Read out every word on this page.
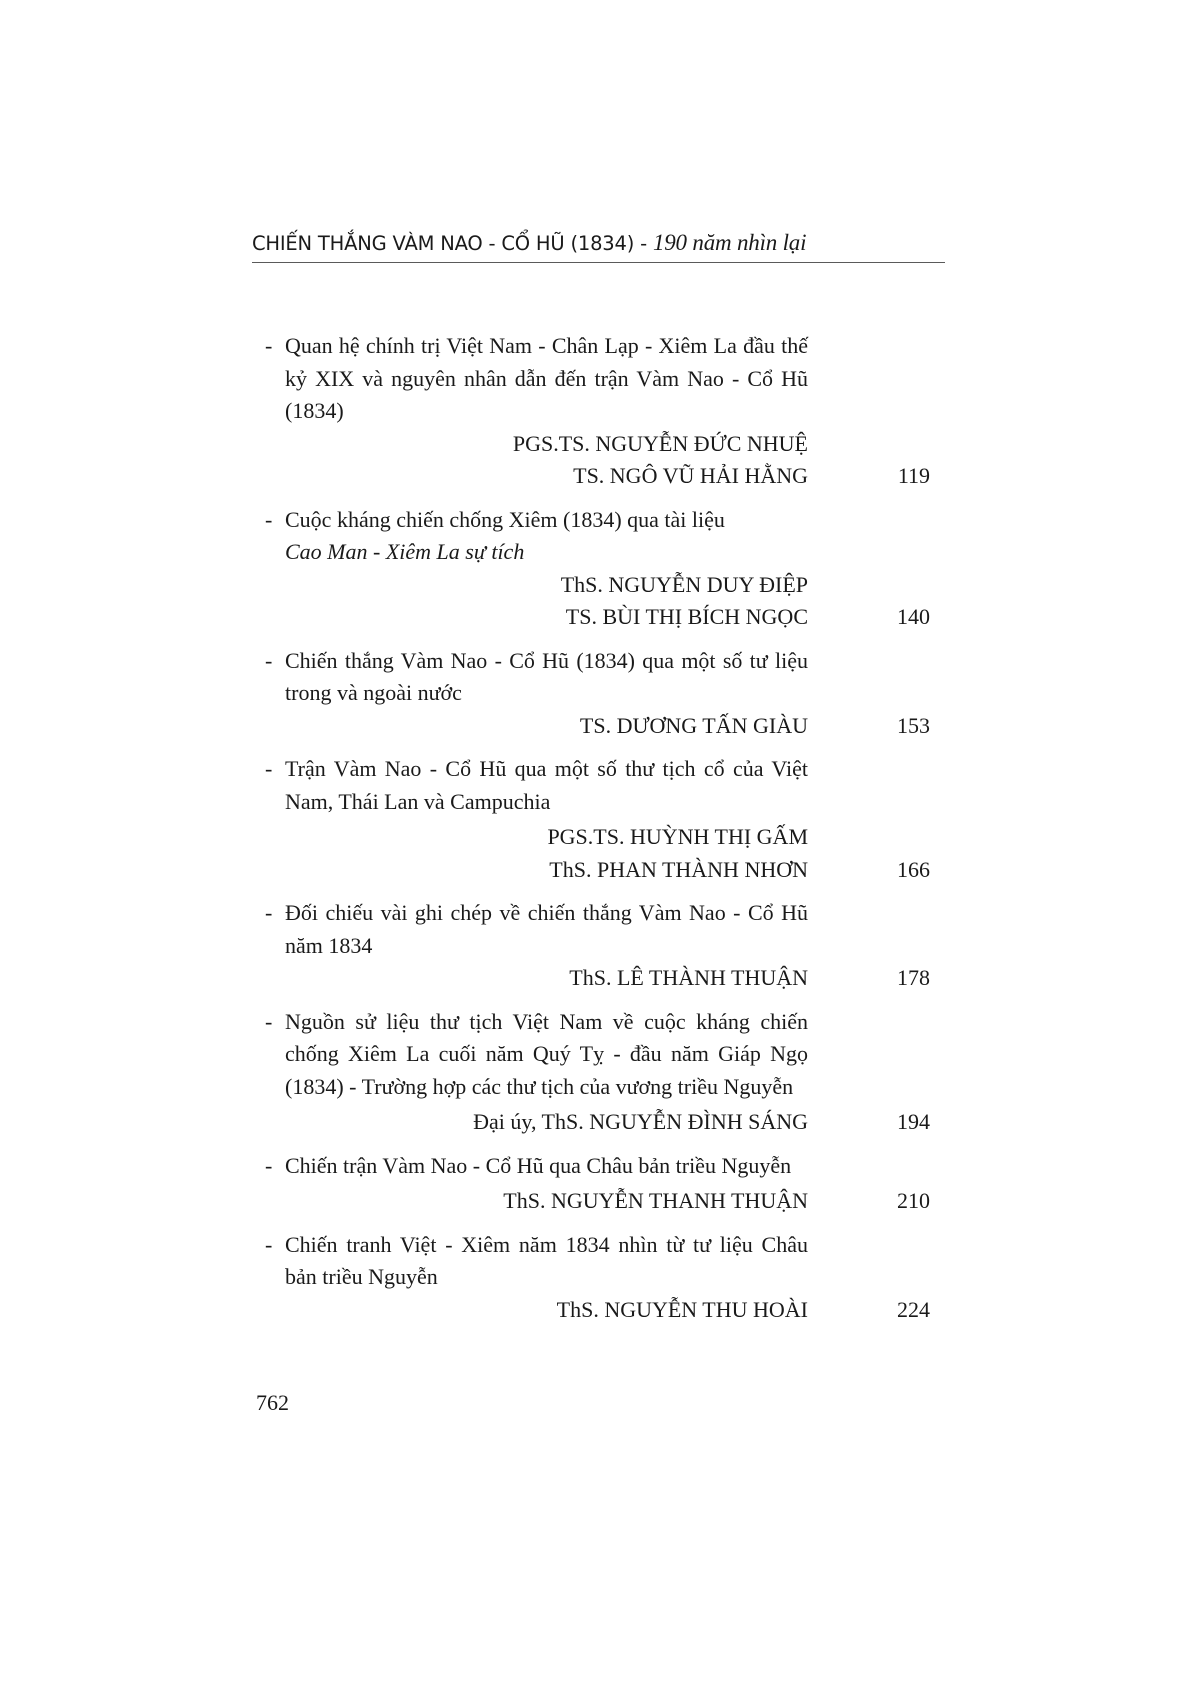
CHIẾN THẮNG VÀM NAO - CỔ HŨ (1834) - 190 năm nhìn lại
- Quan hệ chính trị Việt Nam - Chân Lạp - Xiêm La đầu thế kỷ XIX và nguyên nhân dẫn đến trận Vàm Nao - Cổ Hũ (1834)
PGS.TS. NGUYỄN ĐỨC NHUỆ
TS. NGÔ VŨ HẢI HẰNG	119
- Cuộc kháng chiến chống Xiêm (1834) qua tài liệu
Cao Man - Xiêm La sự tích
ThS. NGUYỄN DUY ĐIỆP
TS. BÙI THỊ BÍCH NGỌC	140
- Chiến thắng Vàm Nao - Cổ Hũ (1834) qua một số tư liệu trong và ngoài nước
TS. DƯƠNG TẤN GIÀU	153
- Trận Vàm Nao - Cổ Hũ qua một số thư tịch cổ của Việt Nam, Thái Lan và Campuchia
PGS.TS. HUỲNH THỊ GẤM
ThS. PHAN THÀNH NHƠN	166
- Đối chiếu vài ghi chép về chiến thắng Vàm Nao - Cổ Hũ năm 1834
ThS. LÊ THÀNH THUẬN	178
- Nguồn sử liệu thư tịch Việt Nam về cuộc kháng chiến chống Xiêm La cuối năm Quý Tỵ - đầu năm Giáp Ngọ (1834) - Trường hợp các thư tịch của vương triều Nguyễn
Đại úy, ThS. NGUYỄN ĐÌNH SÁNG	194
- Chiến trận Vàm Nao - Cổ Hũ qua Châu bản triều Nguyễn
ThS. NGUYỄN THANH THUẬN	210
- Chiến tranh Việt - Xiêm năm 1834 nhìn từ tư liệu Châu bản triều Nguyễn
ThS. NGUYỄN THU HOÀI	224
762
